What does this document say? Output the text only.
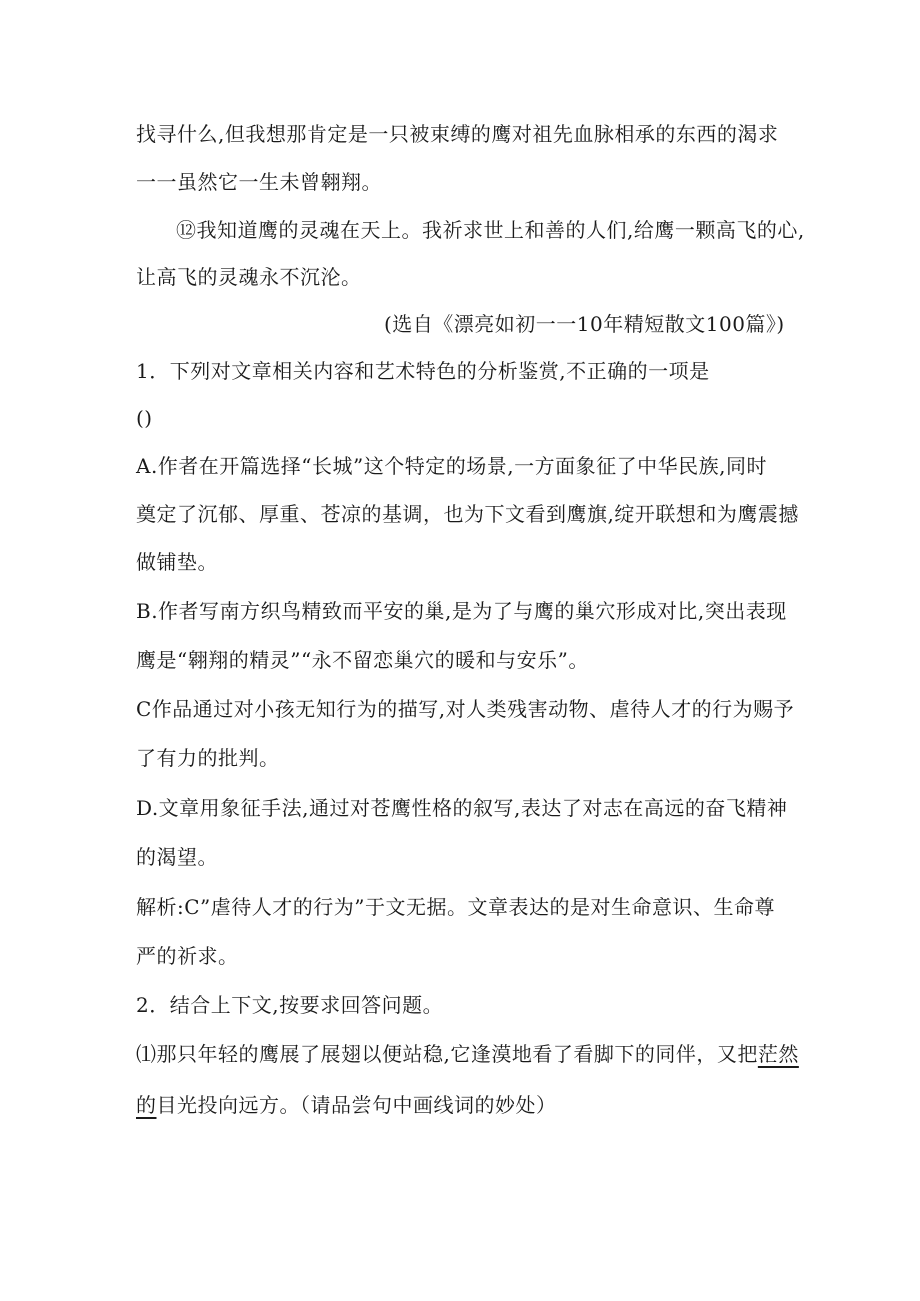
找寻什么,但我想那肯定是一只被束缚的鹰对祖先血脉相承的东西的渴求
一一虽然它一生未曾翱翔。
⑫我知道鹰的灵魂在天上。我祈求世上和善的人们,给鹰一颗高飞的心,
让高飞的灵魂永不沉沦。
(选自《漂亮如初一一10年精短散文100篇》)
1．下列对文章相关内容和艺术特色的分析鉴赏,不正确的一项是
()
A.作者在开篇选择“长城”这个特定的场景,一方面象征了中华民族,同时
奠定了沉郁、厚重、苍凉的基调，也为下文看到鹰旗,绽开联想和为鹰震撼
做铺垫。
B.作者写南方织鸟精致而平安的巢,是为了与鹰的巢穴形成对比,突出表现
鹰是“翱翔的精灵”“永不留恋巢穴的暖和与安乐”。
C作品通过对小孩无知行为的描写,对人类残害动物、虐待人才的行为赐予
了有力的批判。
D.文章用象征手法,通过对苍鹰性格的叙写,表达了对志在高远的奋飞精神
的渴望。
解析:C”虐待人才的行为”于文无据。文章表达的是对生命意识、生命尊
严的祈求。
2．结合上下文,按要求回答问题。
⑴那只年轻的鹰展了展翅以便站稳,它逢漠地看了看脚下的同伴，又把茫然
的目光投向远方。（请品尝句中画线词的妙处）
